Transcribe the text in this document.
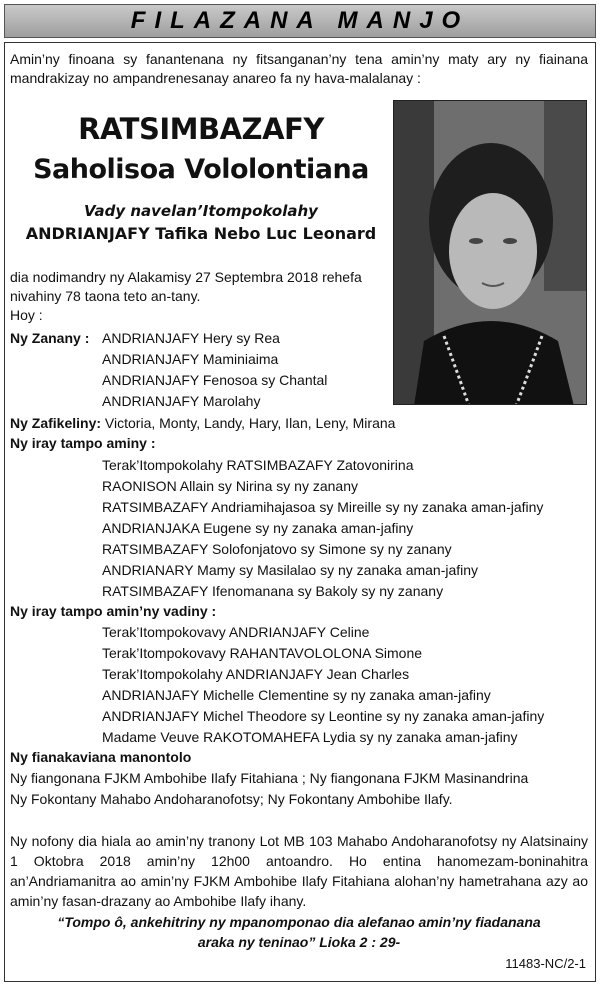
FILAZANA MANJO
Amin’ny finoana sy fanantenana ny fitsanganan’ny tena amin’ny maty ary ny fiainana mandrakizay no ampandrenesanay anareo fa ny hava-malalanay :
RATSIMBAZAFY
Saholisoa Vololontiana
Vady navelan’Itompokolahy
ANDRIANJAFY Tafika Nebo Luc Leonard
dia nodimandry ny Alakamisy 27 Septembra 2018 rehefa
nivahiny 78 taona teto an-tany.
Hoy :
Ny Zanany : ANDRIANJAFY Hery sy Rea
ANDRIANJAFY Maminiaima
ANDRIANJAFY Fenosoa sy Chantal
ANDRIANJAFY Marolahy
Ny Zafikeliny: Victoria, Monty, Landy, Hary, Ilan, Leny, Mirana
Ny iray tampo aminy :
Terak’Itompokolahy RATSIMBAZAFY Zatovonirina
RAONISON Allain sy Nirina sy ny zanany
RATSIMBAZAFY Andriamihajasoa sy Mireille sy ny zanaka aman-jafiny
ANDRIANJAKA Eugene sy ny zanaka aman-jafiny
RATSIMBAZAFY Solofonjatovo sy Simone sy ny zanany
ANDRIANARY Mamy sy Masilalao sy ny zanaka aman-jafiny
RATSIMBAZAFY Ifenomanana sy Bakoly sy ny zanany
Ny iray tampo amin’ny vadiny :
Terak’Itompokovavy ANDRIANJAFY Celine
Terak’Itompokovavy RAHANTAVOLOLONA Simone
Terak’Itompokolahy ANDRIANJAFY Jean Charles
ANDRIANJAFY Michelle Clementine sy ny zanaka aman-jafiny
ANDRIANJAFY Michel Theodore sy Leontine sy ny zanaka aman-jafiny
Madame Veuve RAKOTOMAHEFA Lydia sy ny zanaka aman-jafiny
Ny fianakaviana manontolo
Ny fiangonana FJKM Ambohibe Ilafy Fitahiana ; Ny fiangonana FJKM Masinandrina
Ny Fokontany Mahabo Andoharanofotsy; Ny Fokontany Ambohibe Ilafy.
Ny nofony dia hiala ao amin’ny tranony Lot MB 103 Mahabo Andoharanofotsy ny Alatsinainy 1 Oktobra 2018 amin’ny 12h00 antoandro. Ho entina hanomezam-boninahitra an’Andriamanitra ao amin’ny FJKM Ambohibe Ilafy Fitahiana alohan’ny hametrahana azy ao amin’ny fasan-drazany ao Ambohibe Ilafy ihany.
“Tompo ô, ankehitriny ny mpanomponao dia alefanao amin’ny fiadanana
araka ny teninao” Lioka 2 : 29-
11483-NC/2-1
